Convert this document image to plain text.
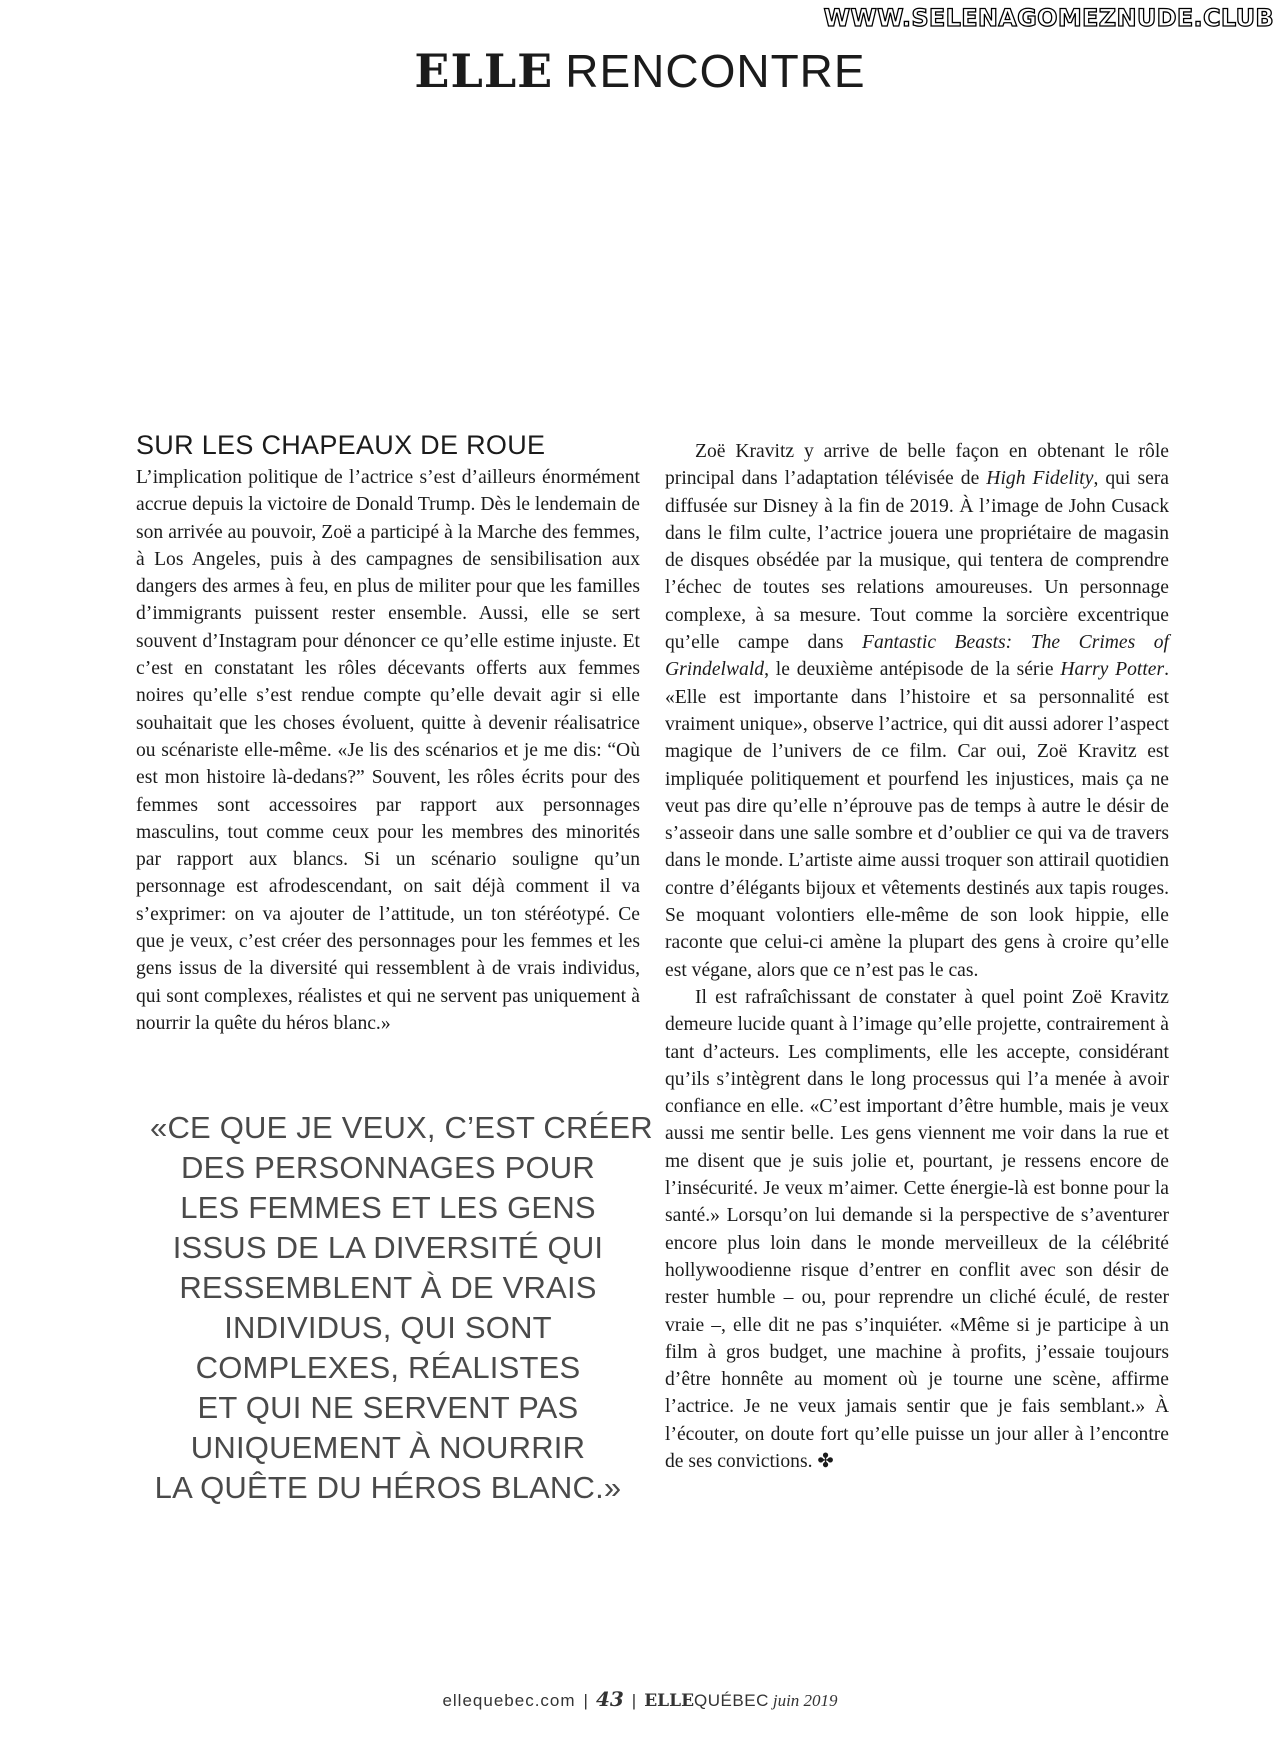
WWW.SELENAGOMEZNUDE.CLUB
ELLE RENCONTRE
SUR LES CHAPEAUX DE ROUE

L’implication politique de l’actrice s’est d’ailleurs énormément accrue depuis la victoire de Donald Trump. Dès le lendemain de son arrivée au pouvoir, Zoë a participé à la Marche des femmes, à Los Angeles, puis à des campagnes de sensibilisation aux dangers des armes à feu, en plus de militer pour que les familles d’immigrants puissent rester ensemble. Aussi, elle se sert souvent d’Instagram pour dénoncer ce qu’elle estime injuste. Et c’est en constatant les rôles décevants offerts aux femmes noires qu’elle s’est rendue compte qu’elle devait agir si elle souhaitait que les choses évoluent, quitte à devenir réalisatrice ou scénariste elle-même. «Je lis des scénarios et je me dis: “Où est mon histoire là-dedans?” Souvent, les rôles écrits pour des femmes sont accessoires par rapport aux personnages masculins, tout comme ceux pour les membres des minorités par rapport aux blancs. Si un scénario souligne qu’un personnage est afrodescendant, on sait déjà comment il va s’exprimer: on va ajouter de l’attitude, un ton stéréotypé. Ce que je veux, c’est créer des personnages pour les femmes et les gens issus de la diversité qui ressemblent à de vrais individus, qui sont complexes, réalistes et qui ne servent pas uniquement à nourrir la quête du héros blanc.»

«CE QUE JE VEUX, C’EST CRÉER
DES PERSONNAGES POUR
LES FEMMES ET LES GENS
ISSUS DE LA DIVERSITÉ QUI
RESSEMBLENT À DE VRAIS
INDIVIDUS, QUI SONT
COMPLEXES, RÉALISTES
ET QUI NE SERVENT PAS
UNIQUEMENT À NOURRIR
LA QUÊTE DU HÉROS BLANC.»

Zoë Kravitz y arrive de belle façon en obtenant le rôle principal dans l’adaptation télévisée de High Fidelity, qui sera diffusée sur Disney à la fin de 2019. À l’image de John Cusack dans le film culte, l’actrice jouera une propriétaire de magasin de disques obsédée par la musique, qui tentera de comprendre l’échec de toutes ses relations amoureuses. Un personnage complexe, à sa mesure. Tout comme la sorcière excentrique qu’elle campe dans Fantastic Beasts: The Crimes of Grindelwald, le deuxième antépisode de la série Harry Potter. «Elle est importante dans l’histoire et sa personnalité est vraiment unique», observe l’actrice, qui dit aussi adorer l’aspect magique de l’univers de ce film. Car oui, Zoë Kravitz est impliquée politiquement et pourfend les injustices, mais ça ne veut pas dire qu’elle n’éprouve pas de temps à autre le désir de s’asseoir dans une salle sombre et d’oublier ce qui va de travers dans le monde. L’artiste aime aussi troquer son attirail quotidien contre d’élégants bijoux et vêtements destinés aux tapis rouges. Se moquant volontiers elle-même de son look hippie, elle raconte que celui-ci amène la plupart des gens à croire qu’elle est végane, alors que ce n’est pas le cas.

Il est rafraîchissant de constater à quel point Zoë Kravitz demeure lucide quant à l’image qu’elle projette, contrairement à tant d’acteurs. Les compliments, elle les accepte, considérant qu’ils s’intègrent dans le long processus qui l’a menée à avoir confiance en elle. «C’est important d’être humble, mais je veux aussi me sentir belle. Les gens viennent me voir dans la rue et me disent que je suis jolie et, pourtant, je ressens encore de l’insécurité. Je veux m’aimer. Cette énergie-là est bonne pour la santé.» Lorsqu’on lui demande si la perspective de s’aventurer encore plus loin dans le monde merveilleux de la célébrité hollywoodienne risque d’entrer en conflit avec son désir de rester humble – ou, pour reprendre un cliché éculé, de rester vraie –, elle dit ne pas s’inquiéter. «Même si je participe à un film à gros budget, une machine à profits, j’essaie toujours d’être honnête au moment où je tourne une scène, affirme l’actrice. Je ne veux jamais sentir que je fais semblant.» À l’écouter, on doute fort qu’elle puisse un jour aller à l’encontre de ses convictions. ✤

ellequebec.com | 43 | ELLEQUÉBEC juin 2019
